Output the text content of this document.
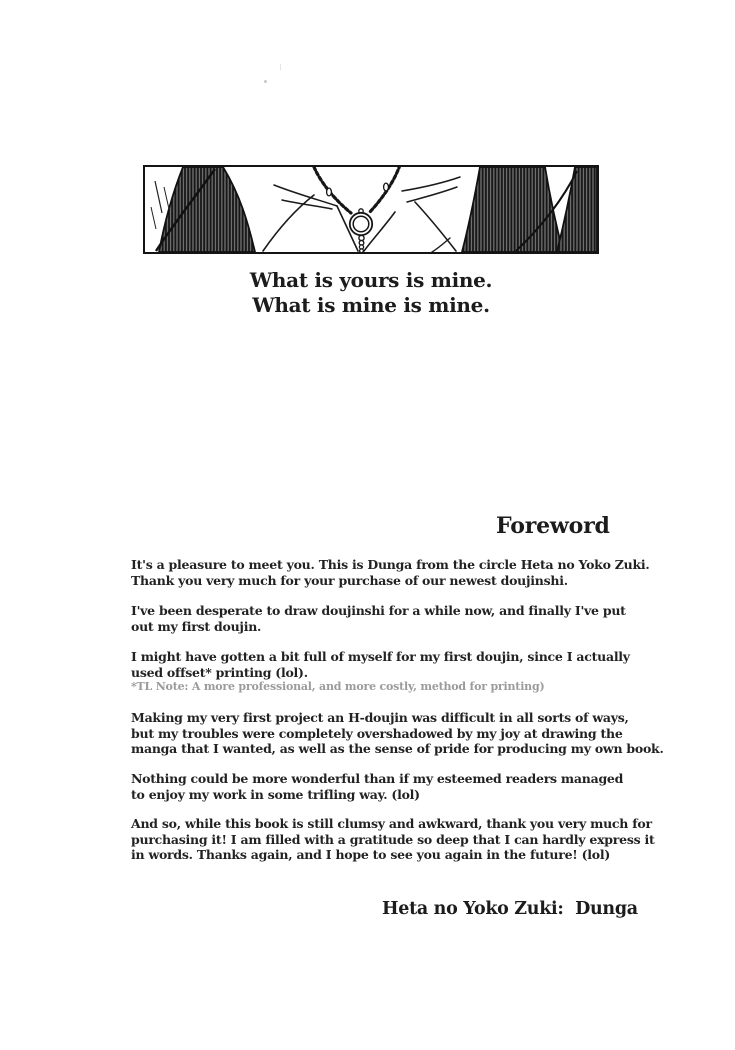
What is yours is mine.
What is mine is mine.
Foreword
It's a pleasure to meet you. This is Dunga from the circle Heta no Yoko Zuki.
Thank you very much for your purchase of our newest doujinshi.
I've been desperate to draw doujinshi for a while now, and finally I've put
out my first doujin.
I might have gotten a bit full of myself for my first doujin, since I actually
used offset* printing (lol).
*TL Note: A more professional, and more costly, method for printing)
Making my very first project an H-doujin was difficult in all sorts of ways,
but my troubles were completely overshadowed by my joy at drawing the
manga that I wanted, as well as the sense of pride for producing my own book.
Nothing could be more wonderful than if my esteemed readers managed
to enjoy my work in some trifling way. (lol)
And so, while this book is still clumsy and awkward, thank you very much for
purchasing it! I am filled with a gratitude so deep that I can hardly express it
in words. Thanks again, and I hope to see you again in the future! (lol)
Heta no Yoko Zuki:  Dunga
